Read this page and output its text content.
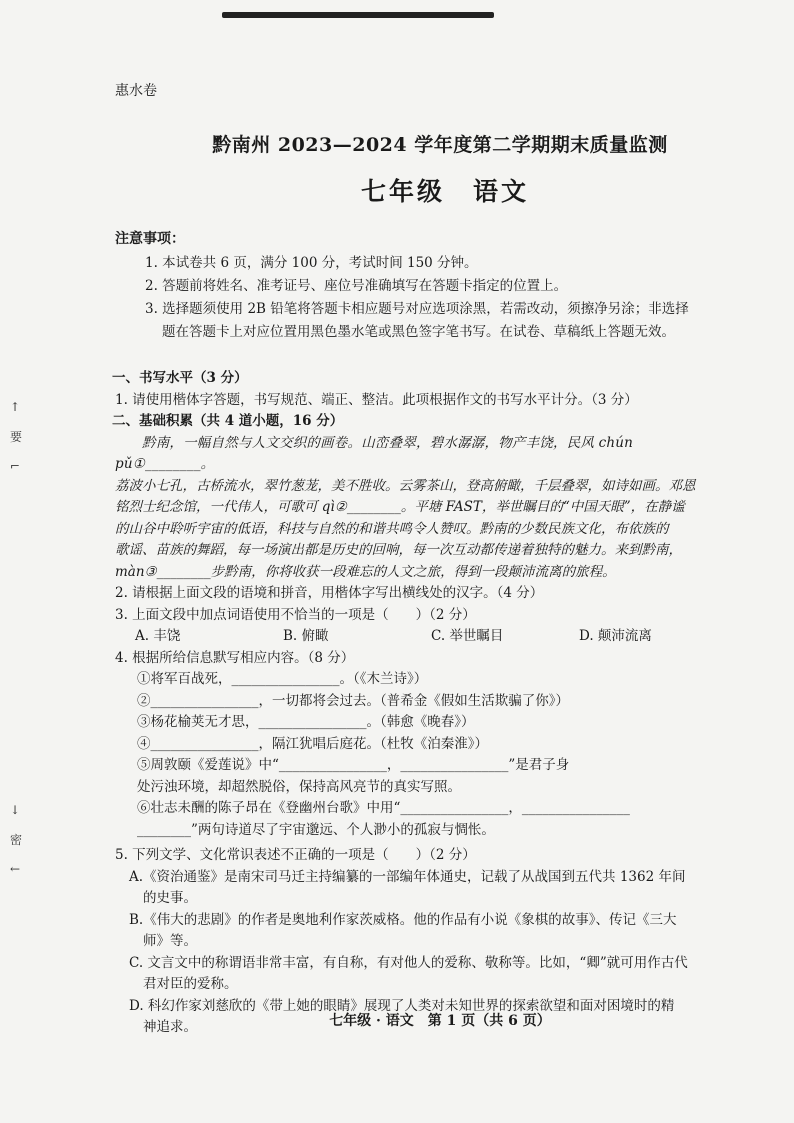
↑
要
⌐
↓
密
←
惠水卷
黔南州 2023—2024 学年度第二学期期末质量监测
七年级　语文
注意事项：

1. 本试卷共 6 页，满分 100 分，考试时间 150 分钟。

2. 答题前将姓名、准考证号、座位号准确填写在答题卡指定的位置上。

3. 选择题须使用 2B 铅笔将答题卡相应题号对应选项涂黑，若需改动，须擦净另涂；非选择

题在答题卡上对应位置用黑色墨水笔或黑色签字笔书写。在试卷、草稿纸上答题无效。

一、书写水平（3 分）

1. 请使用楷体字答题，书写规范、端正、整洁。此项根据作文的书写水平计分。（3 分）

二、基础积累（共 4 道小题，16 分）

黔南，一幅自然与人文交织的画卷。山峦叠翠，碧水潺潺，物产丰饶，民风 chún pǔ①________。

荔波小七孔，古桥流水，翠竹葱茏，美不胜收。云雾茶山，登高俯瞰，千层叠翠，如诗如画。邓恩

铭烈士纪念馆，一代伟人，可歌可 qì②________。平塘 FAST，举世瞩目的“中国天眼”，在静谧

的山谷中聆听宇宙的低语，科技与自然的和谐共鸣令人赞叹。黔南的少数民族文化，布依族的

歌谣、苗族的舞蹈，每一场演出都是历史的回响，每一次互动都传递着独特的魅力。来到黔南，

màn③________步黔南，你将收获一段难忘的人文之旅，得到一段颠沛流离的旅程。

2. 请根据上面文段的语境和拼音，用楷体字写出横线处的汉字。（4 分）

3. 上面文段中加点词语使用不恰当的一项是（　　）（2 分）

A. 丰饶	B. 俯瞰	C. 举世瞩目	D. 颠沛流离

4. 根据所给信息默写相应内容。（8 分）

①将军百战死，________________。（《木兰诗》）

②________________，一切都将会过去。（普希金《假如生活欺骗了你》）

③杨花榆荚无才思，________________。（韩愈《晚春》）

④________________，隔江犹唱后庭花。（杜牧《泊秦淮》）

⑤周敦颐《爱莲说》中“________________，________________”是君子身

处污浊环境，却超然脱俗，保持高风亮节的真实写照。

⑥壮志未酬的陈子昂在《登幽州台歌》中用“________________，________________

________”两句诗道尽了宇宙邈远、个人渺小的孤寂与惆怅。

5. 下列文学、文化常识表述不正确的一项是（　　）（2 分）

A.《资治通鉴》是南宋司马迁主持编纂的一部编年体通史，记载了从战国到五代共 1362 年间

的史事。

B.《伟大的悲剧》的作者是奥地利作家茨威格。他的作品有小说《象棋的故事》、传记《三大

师》等。

C. 文言文中的称谓语非常丰富，有自称，有对他人的爱称、敬称等。比如，“卿”就可用作古代

君对臣的爱称。

D. 科幻作家刘慈欣的《带上她的眼睛》展现了人类对未知世界的探索欲望和面对困境时的精

神追求。	七年级 · 语文　第 1 页（共 6 页）
